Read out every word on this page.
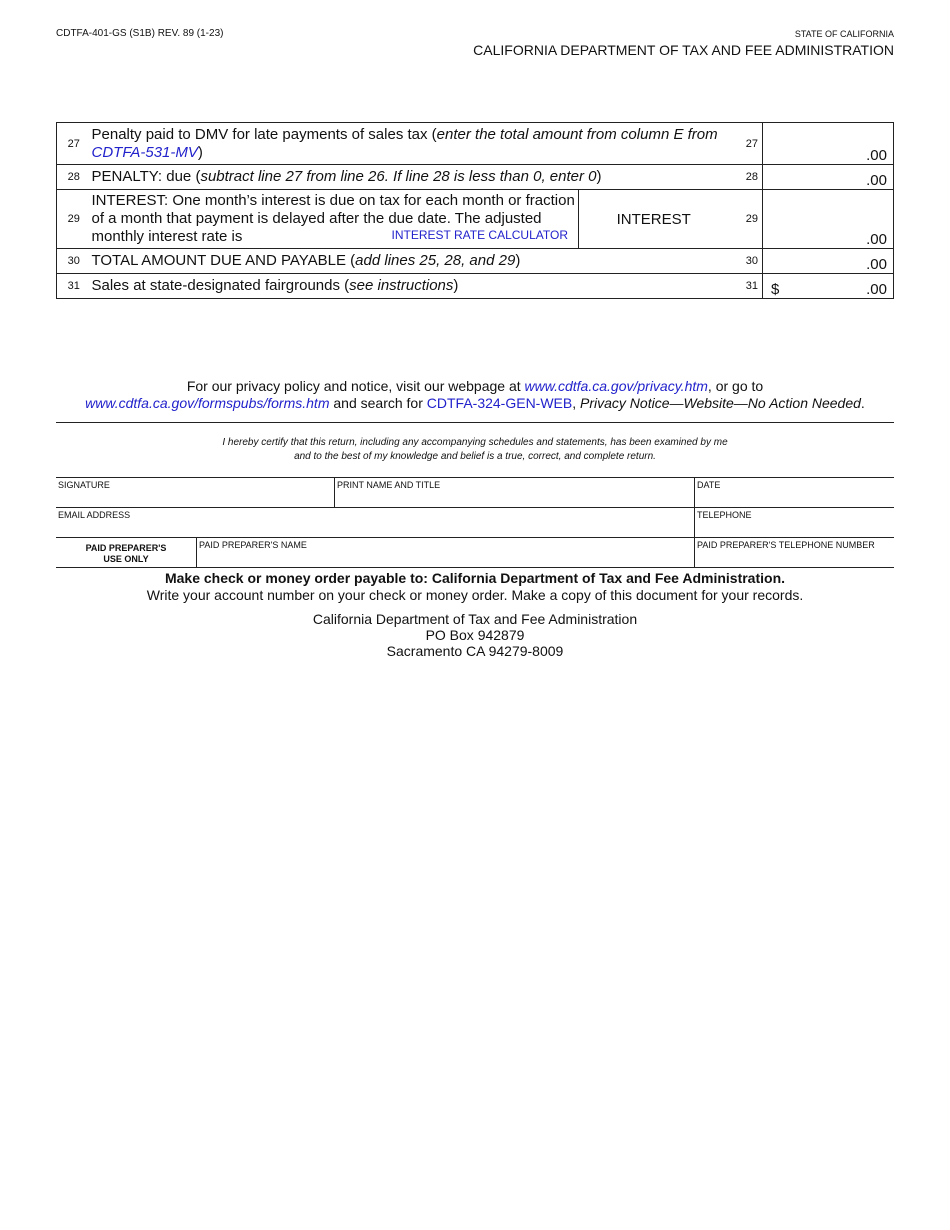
CDTFA-401-GS (S1B) REV. 89 (1-23)	STATE OF CALIFORNIA
CALIFORNIA DEPARTMENT OF TAX AND FEE ADMINISTRATION
27	Penalty paid to DMV for late payments of sales tax (enter the total amount from column E from CDTFA-531-MV)		27	.00
28	PENALTY: due (subtract line 27 from line 26. If line 28 is less than 0, enter 0)		28	.00
29	INTEREST: One month’s interest is due on tax for each month or fraction of a month that payment is delayed after the due date. The adjusted monthly interest rate is INTEREST RATE CALCULATOR	INTEREST	29	.00
30	TOTAL AMOUNT DUE AND PAYABLE (add lines 25, 28, and 29)		30	.00
31	Sales at state-designated fairgrounds (see instructions)		31	$ .00
For our privacy policy and notice, visit our webpage at www.cdtfa.ca.gov/privacy.htm, or go to
www.cdtfa.ca.gov/formspubs/forms.htm and search for CDTFA-324-GEN-WEB, Privacy Notice—Website—No Action Needed.
I hereby certify that this return, including any accompanying schedules and statements, has been examined by me
and to the best of my knowledge and belief is a true, correct, and complete return.
SIGNATURE	PRINT NAME AND TITLE	DATE
EMAIL ADDRESS	TELEPHONE
PAID PREPARER'S
USE ONLY
PAID PREPARER'S NAME	PAID PREPARER'S TELEPHONE NUMBER
Make check or money order payable to: California Department of Tax and Fee Administration.
Write your account number on your check or money order. Make a copy of this document for your records.
California Department of Tax and Fee Administration
PO Box 942879
Sacramento CA 94279-8009
